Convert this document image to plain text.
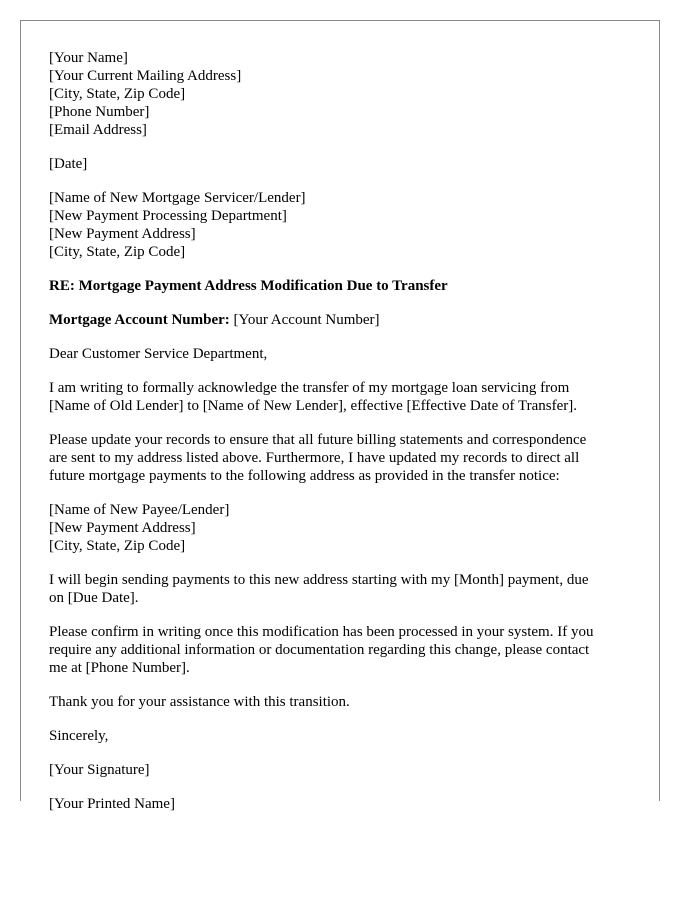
[Your Name]
[Your Current Mailing Address]
[City, State, Zip Code]
[Phone Number]
[Email Address]
[Date]
[Name of New Mortgage Servicer/Lender]
[New Payment Processing Department]
[New Payment Address]
[City, State, Zip Code]
RE: Mortgage Payment Address Modification Due to Transfer
Mortgage Account Number: [Your Account Number]
Dear Customer Service Department,
I am writing to formally acknowledge the transfer of my mortgage loan servicing from
[Name of Old Lender] to [Name of New Lender], effective [Effective Date of Transfer].
Please update your records to ensure that all future billing statements and correspondence
are sent to my address listed above. Furthermore, I have updated my records to direct all
future mortgage payments to the following address as provided in the transfer notice:
[Name of New Payee/Lender]
[New Payment Address]
[City, State, Zip Code]
I will begin sending payments to this new address starting with my [Month] payment, due
on [Due Date].
Please confirm in writing once this modification has been processed in your system. If you
require any additional information or documentation regarding this change, please contact
me at [Phone Number].
Thank you for your assistance with this transition.
Sincerely,
[Your Signature]
[Your Printed Name]
